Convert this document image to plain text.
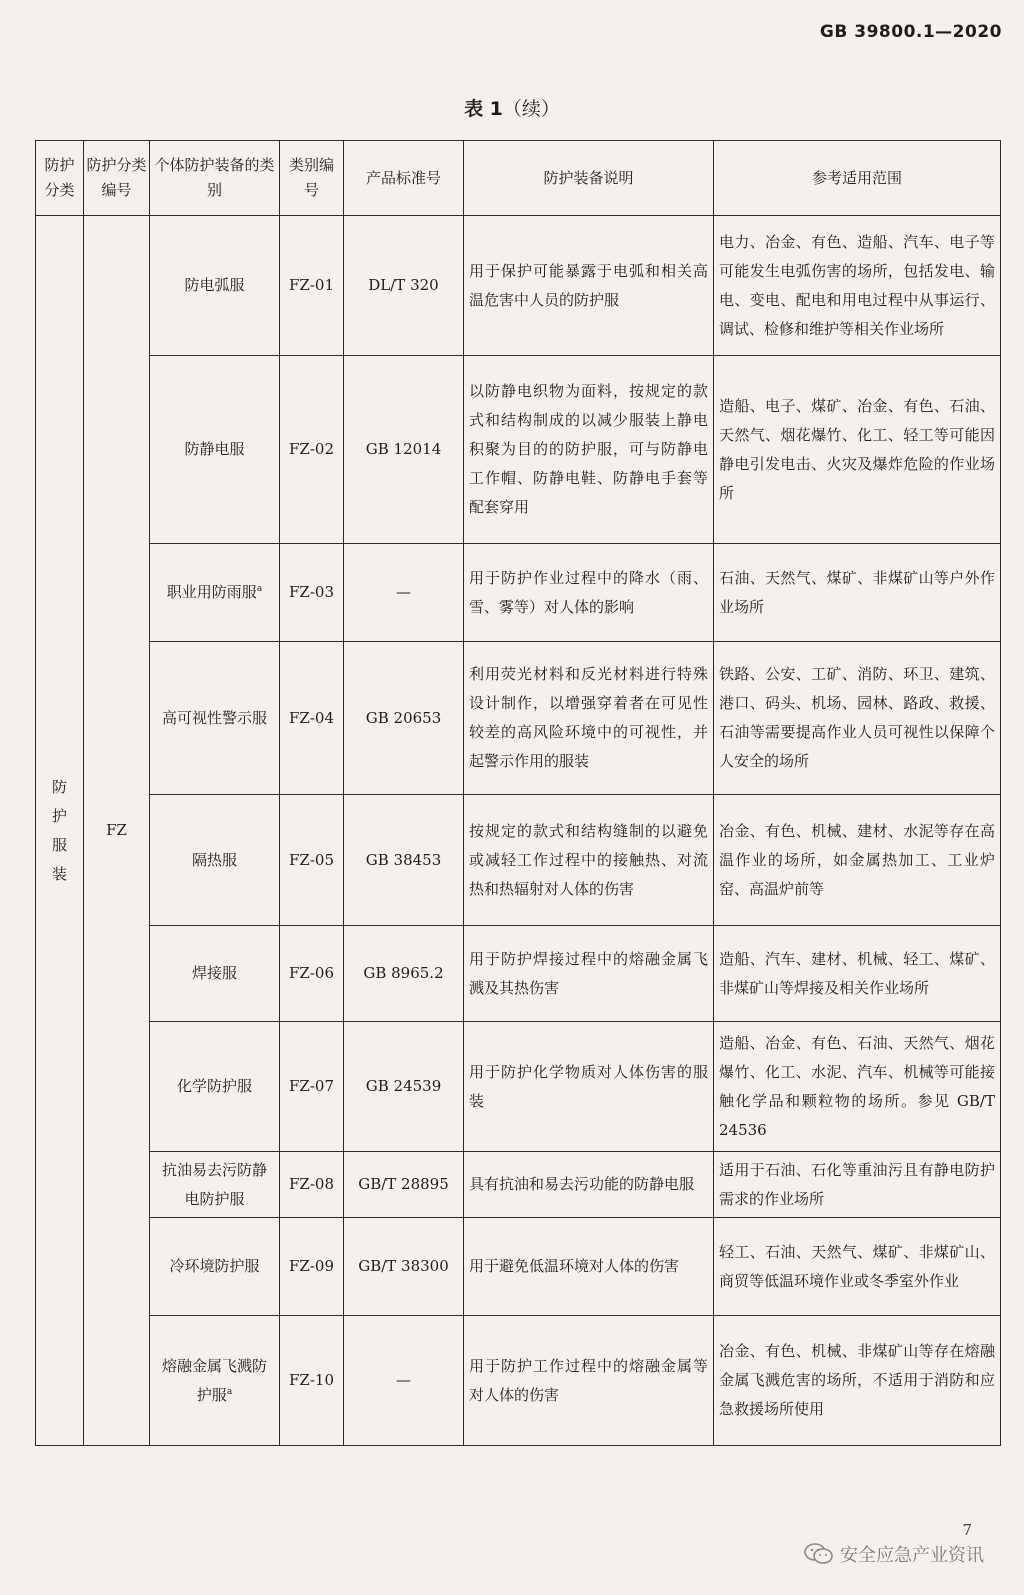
GB 39800.1—2020
表 1（续）
防护分类	防护分类编号	个体防护装备的类别	类别编号	产品标准号	防护装备说明	参考适用范围
防护服装	FZ	防电弧服	FZ-01	DL/T 320	用于保护可能暴露于电弧和相关高温危害中人员的防护服	电力、冶金、有色、造船、汽车、电子等可能发生电弧伤害的场所，包括发电、输电、变电、配电和用电过程中从事运行、调试、检修和维护等相关作业场所
		防静电服	FZ-02	GB 12014	以防静电织物为面料，按规定的款式和结构制成的以减少服装上静电积聚为目的的防护服，可与防静电工作帽、防静电鞋、防静电手套等配套穿用	造船、电子、煤矿、冶金、有色、石油、天然气、烟花爆竹、化工、轻工等可能因静电引发电击、火灾及爆炸危险的作业场所
		职业用防雨服$^a$	FZ-03	—	用于防护作业过程中的降水（雨、雪、雾等）对人体的影响	石油、天然气、煤矿、非煤矿山等户外作业场所
		高可视性警示服	FZ-04	GB 20653	利用荧光材料和反光材料进行特殊设计制作，以增强穿着者在可见性较差的高风险环境中的可视性，并起警示作用的服装	铁路、公安、工矿、消防、环卫、建筑、港口、码头、机场、园林、路政、救援、石油等需要提高作业人员可视性以保障个人安全的场所
		隔热服	FZ-05	GB 38453	按规定的款式和结构缝制的以避免或减轻工作过程中的接触热、对流热和热辐射对人体的伤害	冶金、有色、机械、建材、水泥等存在高温作业的场所，如金属热加工、工业炉窑、高温炉前等
		焊接服	FZ-06	GB 8965.2	用于防护焊接过程中的熔融金属飞溅及其热伤害	造船、汽车、建材、机械、轻工、煤矿、非煤矿山等焊接及相关作业场所
		化学防护服	FZ-07	GB 24539	用于防护化学物质对人体伤害的服装	造船、冶金、有色、石油、天然气、烟花爆竹、化工、水泥、汽车、机械等可能接触化学品和颗粒物的场所。参见 GB/T 24536
		抗油易去污防静电防护服	FZ-08	GB/T 28895	具有抗油和易去污功能的防静电服	适用于石油、石化等重油污且有静电防护需求的作业场所
		冷环境防护服	FZ-09	GB/T 38300	用于避免低温环境对人体的伤害	轻工、石油、天然气、煤矿、非煤矿山、商贸等低温环境作业或冬季室外作业
		熔融金属飞溅防护服$^a$	FZ-10	—	用于防护工作过程中的熔融金属等对人体的伤害	冶金、有色、机械、非煤矿山等存在熔融金属飞溅危害的场所，不适用于消防和应急救援场所使用
7
安全应急产业资讯
